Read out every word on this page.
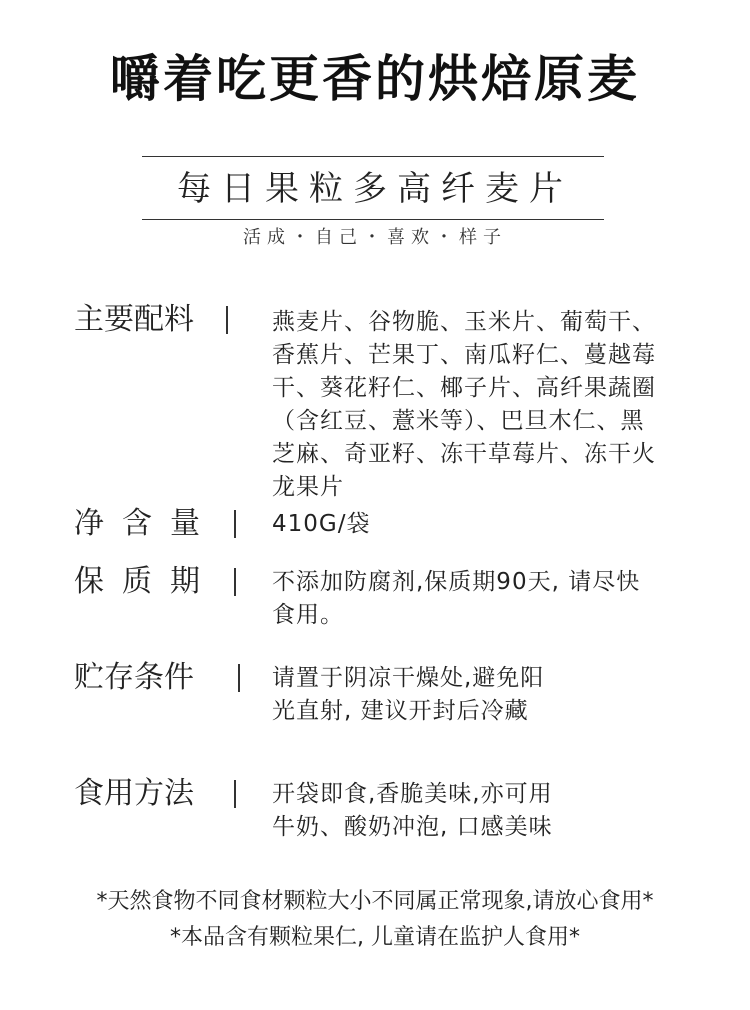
嚼着吃更香的烘焙原麦
每日果粒多高纤麦片
活成・自己・喜欢・样子
主要配料	燕麦片、谷物脆、玉米片、葡萄干、
香蕉片、芒果丁、南瓜籽仁、蔓越莓
干、葵花籽仁、椰子片、高纤果蔬圈
（含红豆、薏米等）、巴旦木仁、黑
芝麻、奇亚籽、冻干草莓片、冻干火
龙果片
净含量 410G/袋
保质期 不添加防腐剂,保质期90天, 请尽快
食用。
贮存条件	请置于阴凉干燥处,避免阳
光直射, 建议开封后冷藏
食用方法	开袋即食,香脆美味,亦可用
牛奶、酸奶冲泡, 口感美味
*天然食物不同食材颗粒大小不同属正常现象,请放心食用*
*本品含有颗粒果仁, 儿童请在监护人食用*
